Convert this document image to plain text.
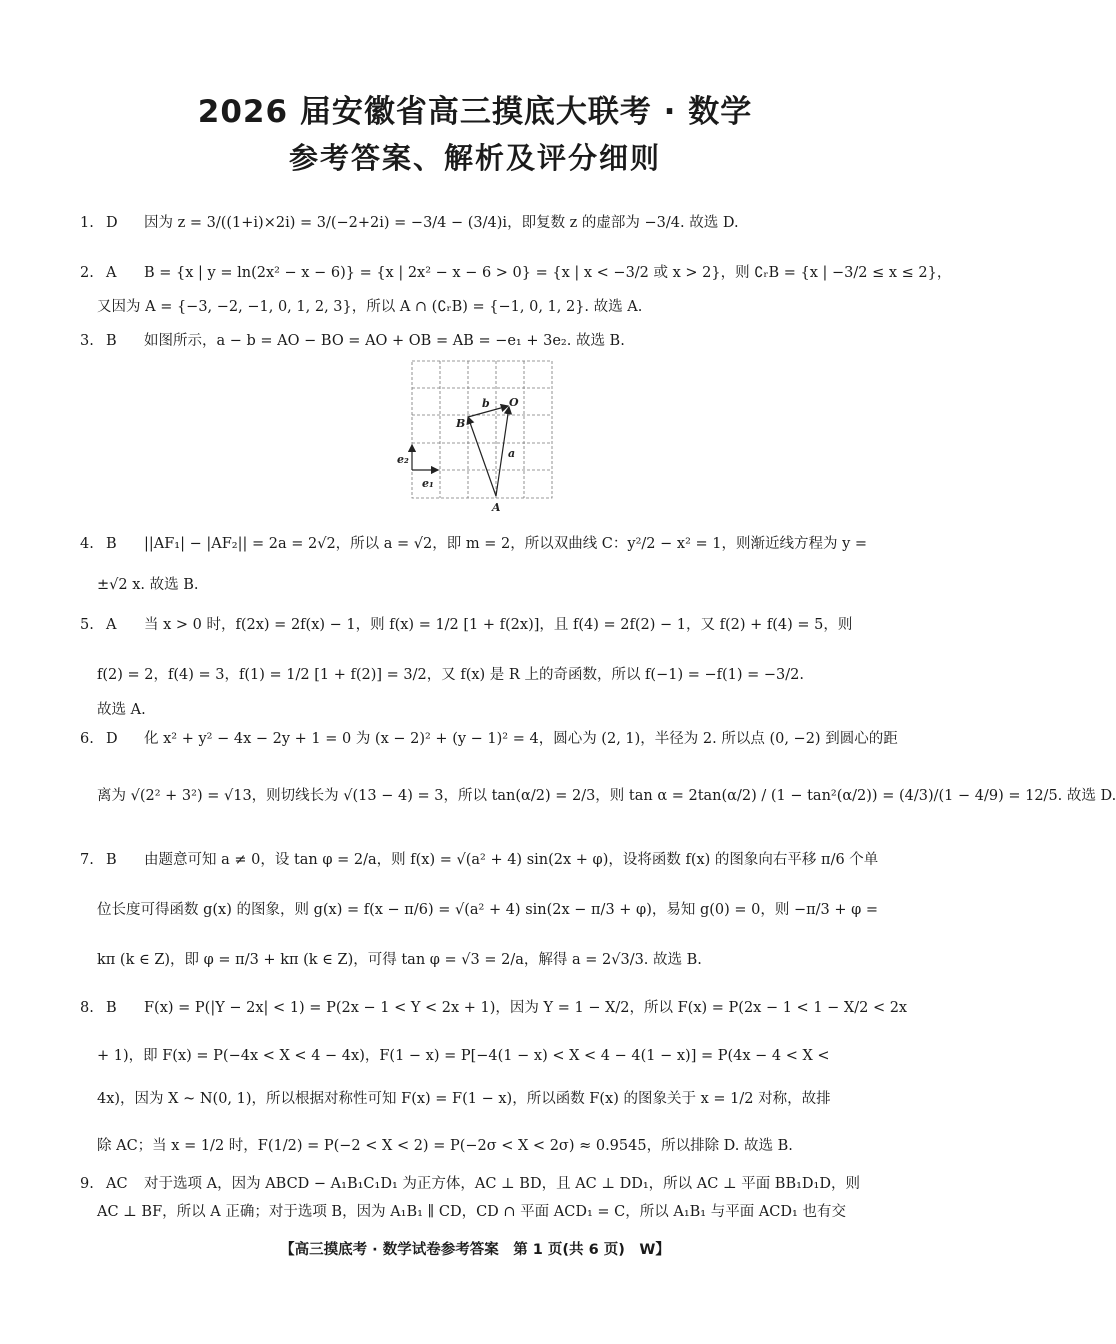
2026 届安徽省高三摸底大联考 · 数学
参考答案、解析及评分细则
1. D 因为 z = 3/((1+i)×2i) = 3/(−2+2i) = −3/4 − (3/4)i，即复数 z 的虚部为 −3/4. 故选 D.
2. A B = {x | y = ln(2x² − x − 6)} = {x | 2x² − x − 6 > 0} = {x | x < −3/2 或 x > 2}，则 ∁ᵣB = {x | −3/2 ≤ x ≤ 2}，
又因为 A = {−3, −2, −1, 0, 1, 2, 3}，所以 A ∩ (∁ᵣB) = {−1, 0, 1, 2}. 故选 A.
3. B 如图所示，a − b = AO − BO = AO + OB = AB = −e₁ + 3e₂. 故选 B.
4. B ||AF₁| − |AF₂|| = 2a = 2√2，所以 a = √2，即 m = 2，所以双曲线 C：y²/2 − x² = 1，则渐近线方程为 y =
±√2 x. 故选 B.
5. A 当 x > 0 时，f(2x) = 2f(x) − 1，则 f(x) = 1/2 [1 + f(2x)]，且 f(4) = 2f(2) − 1，又 f(2) + f(4) = 5，则
f(2) = 2，f(4) = 3，f(1) = 1/2 [1 + f(2)] = 3/2，又 f(x) 是 R 上的奇函数，所以 f(−1) = −f(1) = −3/2.
故选 A.
6. D 化 x² + y² − 4x − 2y + 1 = 0 为 (x − 2)² + (y − 1)² = 4，圆心为 (2, 1)，半径为 2. 所以点 (0, −2) 到圆心的距
离为 √(2² + 3²) = √13，则切线长为 √(13 − 4) = 3，所以 tan(α/2) = 2/3，则 tan α = 2tan(α/2) / (1 − tan²(α/2)) = (4/3)/(1 − 4/9) = 12/5. 故选 D.
7. B 由题意可知 a ≠ 0，设 tan φ = 2/a，则 f(x) = √(a² + 4) sin(2x + φ)，设将函数 f(x) 的图象向右平移 π/6 个单
位长度可得函数 g(x) 的图象，则 g(x) = f(x − π/6) = √(a² + 4) sin(2x − π/3 + φ)，易知 g(0) = 0，则 −π/3 + φ =
kπ (k ∈ Z)，即 φ = π/3 + kπ (k ∈ Z)，可得 tan φ = √3 = 2/a，解得 a = 2√3/3. 故选 B.
8. B F(x) = P(|Y − 2x| < 1) = P(2x − 1 < Y < 2x + 1)，因为 Y = 1 − X/2，所以 F(x) = P(2x − 1 < 1 − X/2 < 2x
+ 1)，即 F(x) = P(−4x < X < 4 − 4x)，F(1 − x) = P[−4(1 − x) < X < 4 − 4(1 − x)] = P(4x − 4 < X <
4x)，因为 X ~ N(0, 1)，所以根据对称性可知 F(x) = F(1 − x)，所以函数 F(x) 的图象关于 x = 1/2 对称，故排
除 AC；当 x = 1/2 时，F(1/2) = P(−2 < X < 2) = P(−2σ < X < 2σ) ≈ 0.9545，所以排除 D. 故选 B.
9. AC 对于选项 A，因为 ABCD − A₁B₁C₁D₁ 为正方体，AC ⊥ BD，且 AC ⊥ DD₁，所以 AC ⊥ 平面 BB₁D₁D，则
AC ⊥ BF，所以 A 正确；对于选项 B，因为 A₁B₁ ∥ CD，CD ∩ 平面 ACD₁ = C，所以 A₁B₁ 与平面 ACD₁ 也有交
O
B
A
a
b
e₁
e₂
【高三摸底考 · 数学试卷参考答案　第 1 页(共 6 页)　W】
